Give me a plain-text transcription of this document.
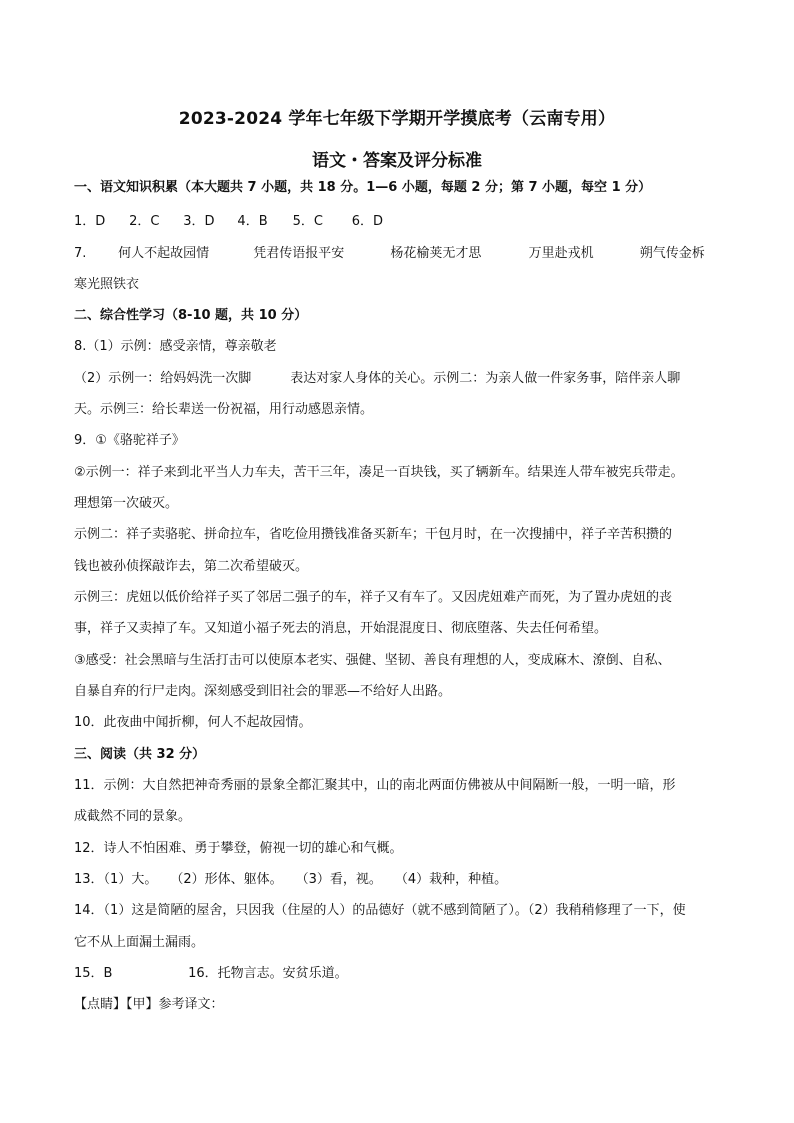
2023-2024 学年七年级下学期开学摸底考（云南专用）
语文・答案及评分标准
一、语文知识积累（本大题共 7 小题，共 18 分。1—6 小题，每题 2 分；第 7 小题，每空 1 分）
1．D 2．C 3．D 4．B 5．C 6．D
7. 何人不起故园情	凭君传语报平安	杨花榆荚无才思	万里赴戎机	朔气传金柝
寒光照铁衣
二、综合性学习（8-10 题，共 10 分）
8.（1）示例：感受亲情，尊亲敬老
（2）示例一：给妈妈洗一次脚　　　表达对家人身体的关心。示例二：为亲人做一件家务事，陪伴亲人聊
天。示例三：给长辈送一份祝福，用行动感恩亲情。
9．①《骆驼祥子》
②示例一：祥子来到北平当人力车夫，苦干三年，凑足一百块钱，买了辆新车。结果连人带车被宪兵带走。
理想第一次破灭。
示例二：祥子卖骆驼、拼命拉车，省吃俭用攒钱准备买新车；干包月时，在一次搜捕中，祥子辛苦积攒的
钱也被孙侦探敲诈去，第二次希望破灭。
示例三：虎妞以低价给祥子买了邻居二强子的车，祥子又有车了。又因虎妞难产而死，为了置办虎妞的丧
事，祥子又卖掉了车。又知道小福子死去的消息，开始混混度日、彻底堕落、失去任何希望。
③感受：社会黑暗与生活打击可以使原本老实、强健、坚韧、善良有理想的人，变成麻木、潦倒、自私、
自暴自弃的行尸走肉。深刻感受到旧社会的罪恶—不给好人出路。
10．此夜曲中闻折柳，何人不起故园情。
三、阅读（共 32 分）
11．示例：大自然把神奇秀丽的景象全都汇聚其中，山的南北两面仿佛被从中间隔断一般，一明一暗，形
成截然不同的景象。
12．诗人不怕困难、勇于攀登，俯视一切的雄心和气概。
13．（1）大。　　（2）形体、躯体。　　（3）看，视。　　（4）栽种，种植。
14．（1）这是简陋的屋舍，只因我（住屋的人）的品德好（就不感到简陋了）。（2）我稍稍修理了一下，使
它不从上面漏土漏雨。
15．B	16．托物言志。安贫乐道。
【点睛】【甲】参考译文：
